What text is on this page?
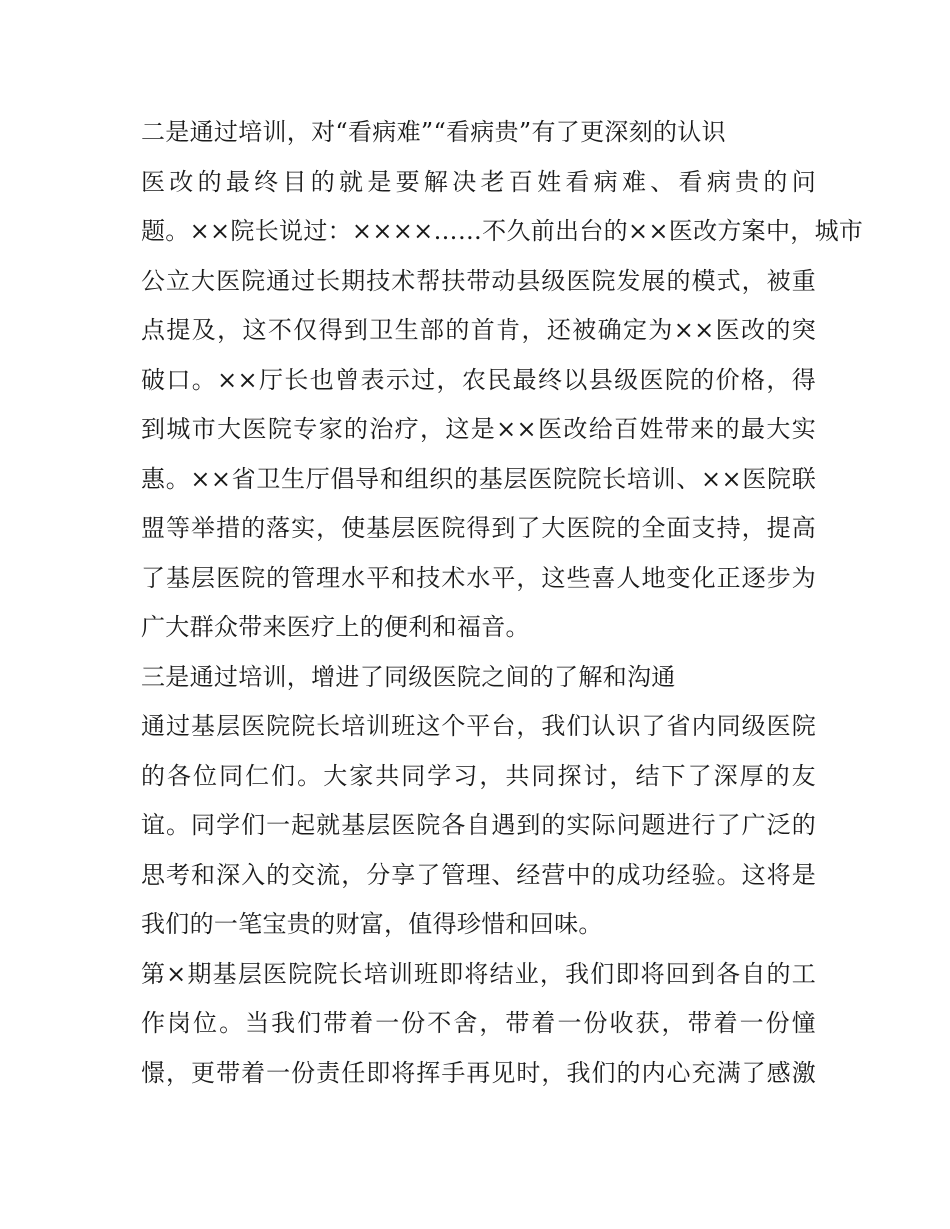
二是通过培训，对“看病难”“看病贵”有了更深刻的认识
医改的最终目的就是要解决老百姓看病难、看病贵的问
题。××院长说过：××××……不久前出台的××医改方案中，城市
公立大医院通过长期技术帮扶带动县级医院发展的模式，被重
点提及，这不仅得到卫生部的首肯，还被确定为××医改的突
破口。××厅长也曾表示过，农民最终以县级医院的价格，得
到城市大医院专家的治疗，这是××医改给百姓带来的最大实
惠。××省卫生厅倡导和组织的基层医院院长培训、××医院联
盟等举措的落实，使基层医院得到了大医院的全面支持，提高
了基层医院的管理水平和技术水平，这些喜人地变化正逐步为
广大群众带来医疗上的便利和福音。
三是通过培训，增进了同级医院之间的了解和沟通
通过基层医院院长培训班这个平台，我们认识了省内同级医院
的各位同仁们。大家共同学习，共同探讨，结下了深厚的友
谊。同学们一起就基层医院各自遇到的实际问题进行了广泛的
思考和深入的交流，分享了管理、经营中的成功经验。这将是
我们的一笔宝贵的财富，值得珍惜和回味。
第×期基层医院院长培训班即将结业，我们即将回到各自的工
作岗位。当我们带着一份不舍，带着一份收获，带着一份憧
憬，更带着一份责任即将挥手再见时，我们的内心充满了感激
